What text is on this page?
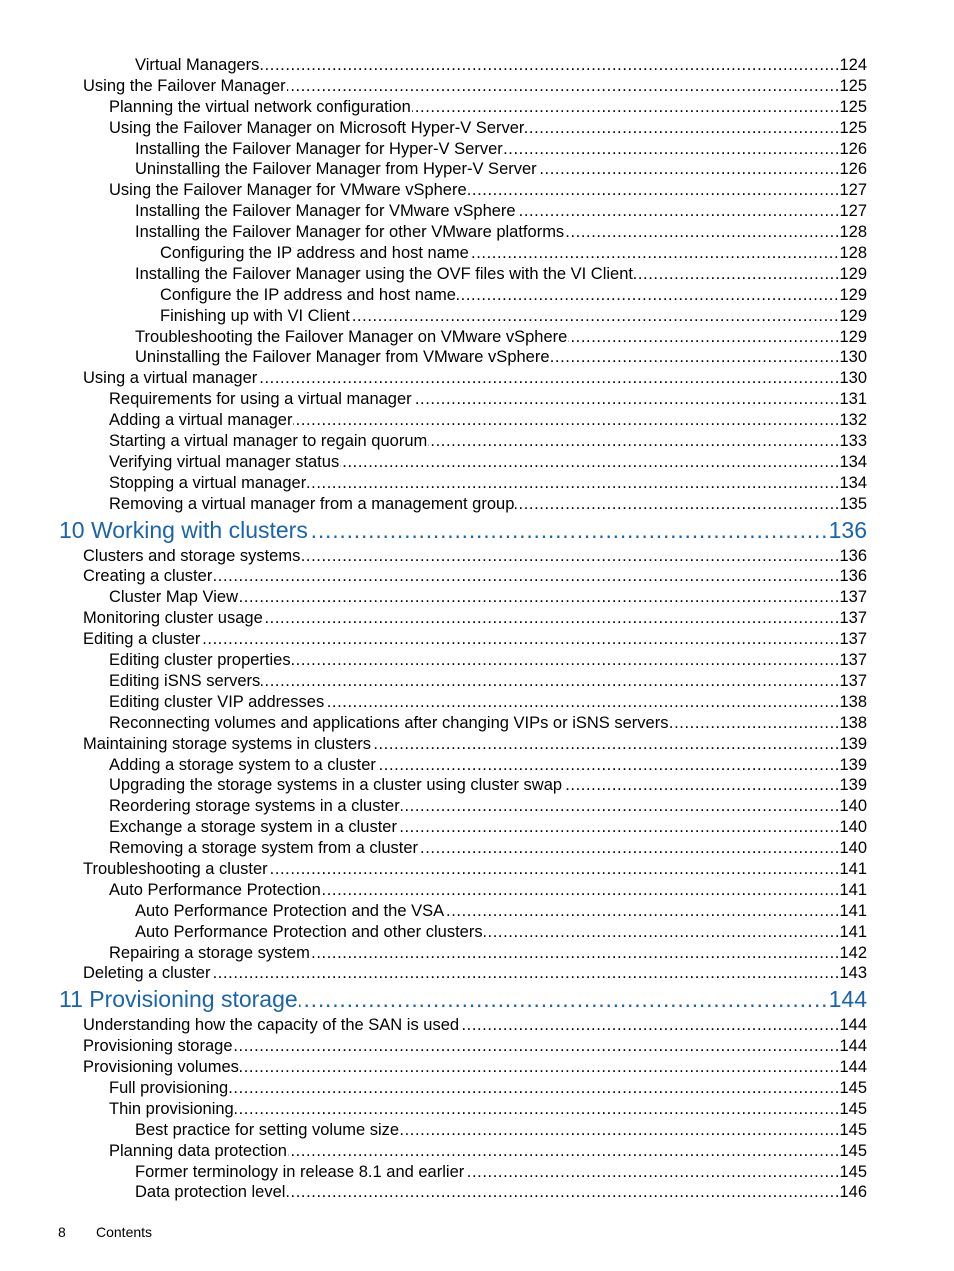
.....
Virtual Managers	124
.....
Using the Failover Manager	125
.....
Planning the virtual network configuration	125
.....
Using the Failover Manager on Microsoft Hyper-V Server	125
.....
Installing the Failover Manager for Hyper-V Server	126
.....
Uninstalling the Failover Manager from Hyper-V Server	126
.....
Using the Failover Manager for VMware vSphere	127
.....
Installing the Failover Manager for VMware vSphere	127
.....
Installing the Failover Manager for other VMware platforms	128
.....
Configuring the IP address and host name	128
.....
Installing the Failover Manager using the OVF files with the VI Client	129
.....
Configure the IP address and host name	129
.....
Finishing up with VI Client	129
.....
Troubleshooting the Failover Manager on VMware vSphere	129
.....
Uninstalling the Failover Manager from VMware vSphere	130
.....
Using a virtual manager	130
.....
Requirements for using a virtual manager	131
.....
Adding a virtual manager	132
.....
Starting a virtual manager to regain quorum	133
.....
Verifying virtual manager status	134
.....
Stopping a virtual manager	134
.....
Removing a virtual manager from a management group	135
.....
10 Working with clusters	136
.....
Clusters and storage systems	136
.....
Creating a cluster	136
.....
Cluster Map View	137
.....
Monitoring cluster usage	137
.....
Editing a cluster	137
.....
Editing cluster properties	137
.....
Editing iSNS servers	137
.....
Editing cluster VIP addresses	138
.....
Reconnecting volumes and applications after changing VIPs or iSNS servers	138
.....
Maintaining storage systems in clusters	139
.....
Adding a storage system to a cluster	139
.....
Upgrading the storage systems in a cluster using cluster swap	139
.....
Reordering storage systems in a cluster	140
.....
Exchange a storage system in a cluster	140
.....
Removing a storage system from a cluster	140
.....
Troubleshooting a cluster	141
.....
Auto Performance Protection	141
.....
Auto Performance Protection and the VSA	141
.....
Auto Performance Protection and other clusters	141
.....
Repairing a storage system	142
.....
Deleting a cluster	143
.....
11 Provisioning storage	144
.....
Understanding how the capacity of the SAN is used	144
.....
Provisioning storage	144
.....
Provisioning volumes	144
.....
Full provisioning	145
.....
Thin provisioning	145
.....
Best practice for setting volume size	145
.....
Planning data protection	145
.....
Former terminology in release 8.1 and earlier	145
.....
Data protection level	146
8 Contents
